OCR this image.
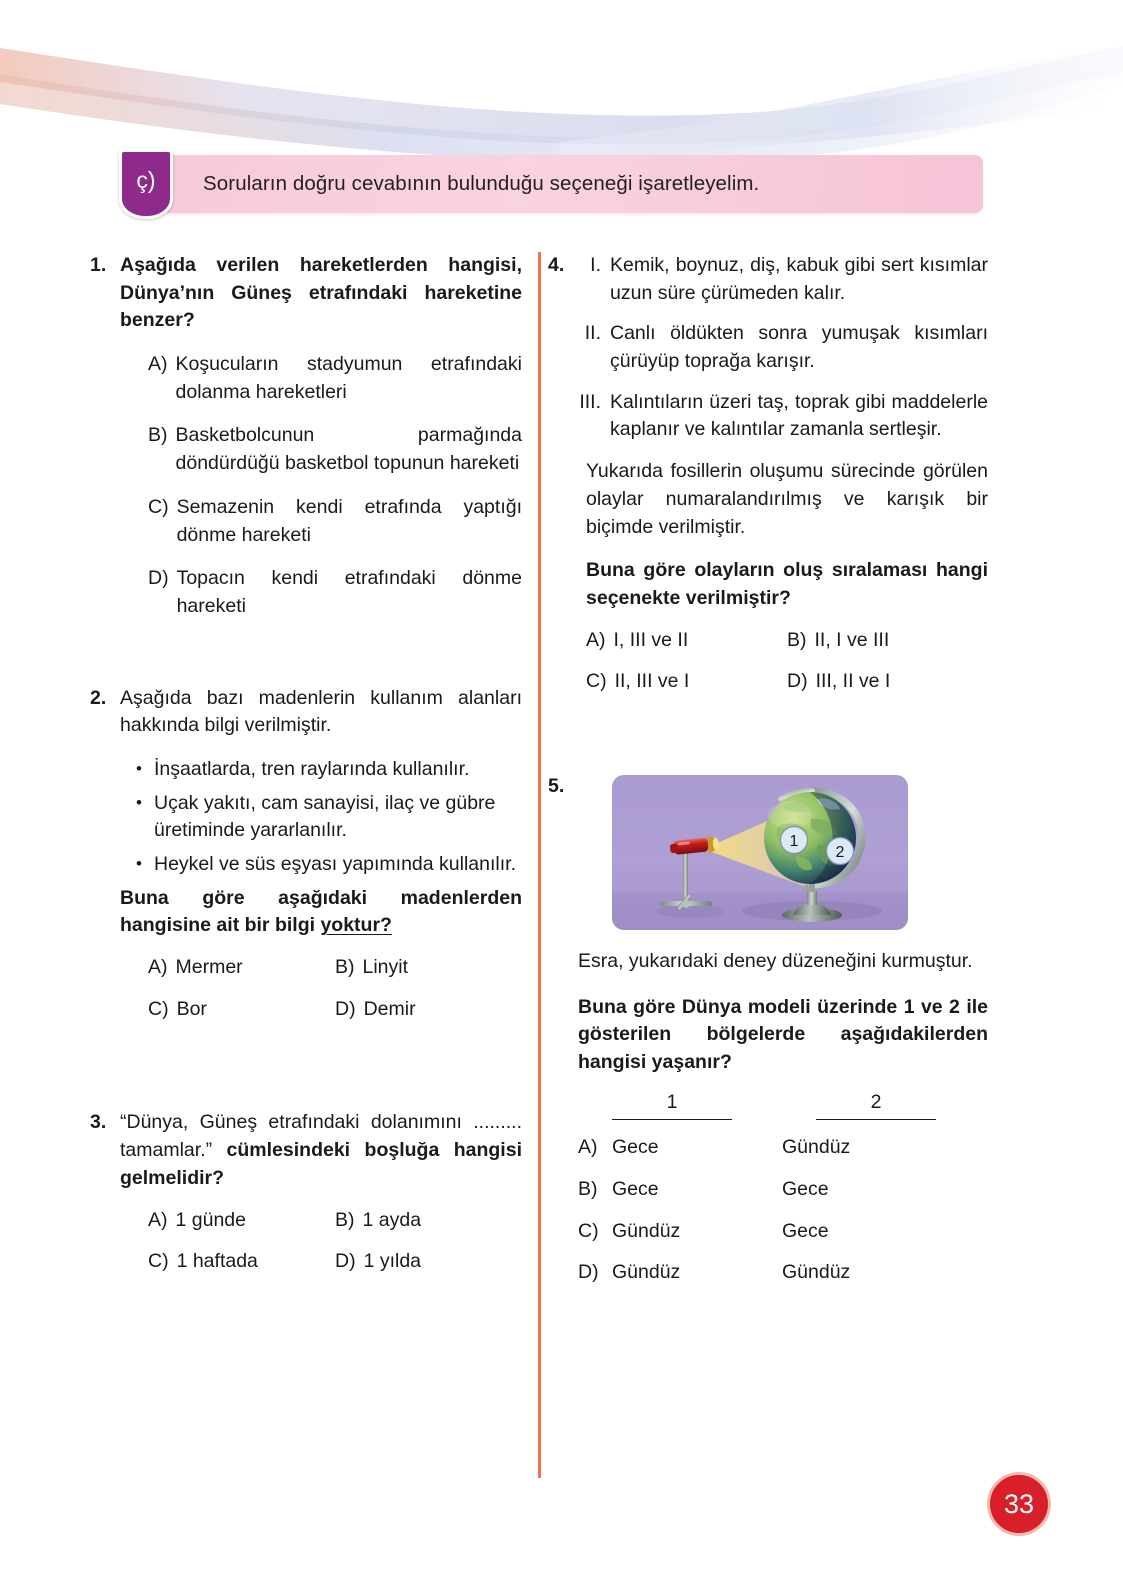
Soruların doğru cevabının bulunduğu seçeneği işaretleyelim.
ç)
1. Aşağıda verilen hareketlerden hangisi, Dünya’nın Güneş etrafındaki hareketine benzer?
A) Koşucuların stadyumun etrafındaki dolanma hareketleri
B) Basketbolcunun parmağında döndürdüğü basketbol topunun hareketi
C) Semazenin kendi etrafında yaptığı dönme hareketi
D) Topacın kendi etrafındaki dönme hareketi
2. Aşağıda bazı madenlerin kullanım alanları hakkında bilgi verilmiştir.
• İnşaatlarda, tren raylarında kullanılır.
• Uçak yakıtı, cam sanayisi, ilaç ve gübre üretiminde yararlanılır.
• Heykel ve süs eşyası yapımında kullanılır.
Buna göre aşağıdaki madenlerden hangisine ait bir bilgi yoktur?
A) Mermer	B) Linyit
C) Bor	D) Demir
3. “Dünya, Güneş etrafındaki dolanımını ......... tamamlar.” cümlesindeki boşluğa hangisi gelmelidir?
A) 1 günde	B) 1 ayda
C) 1 haftada	D) 1 yılda
4.	I. Kemik, boynuz, diş, kabuk gibi sert kısımlar uzun süre çürümeden kalır.
II. Canlı öldükten sonra yumuşak kısımları çürüyüp toprağa karışır.
III. Kalıntıların üzeri taş, toprak gibi maddelerle kaplanır ve kalıntılar zamanla sertleşir.
Yukarıda fosillerin oluşumu sürecinde görülen olaylar numaralandırılmış ve karışık bir biçimde verilmiştir.
Buna göre olayların oluş sıralaması hangi seçenekte verilmiştir?
A) I, III ve II	B) II, I ve III
C) II, III ve I	D) III, II ve I
5.
1
2
Esra, yukarıdaki deney düzeneğini kurmuştur.
Buna göre Dünya modeli üzerinde 1 ve 2 ile gösterilen bölgelerde aşağıdakilerden hangisi yaşanır?
1	2
A) Gece	Gündüz
B) Gece	Gece
C) Gündüz	Gece
D) Gündüz	Gündüz
33
